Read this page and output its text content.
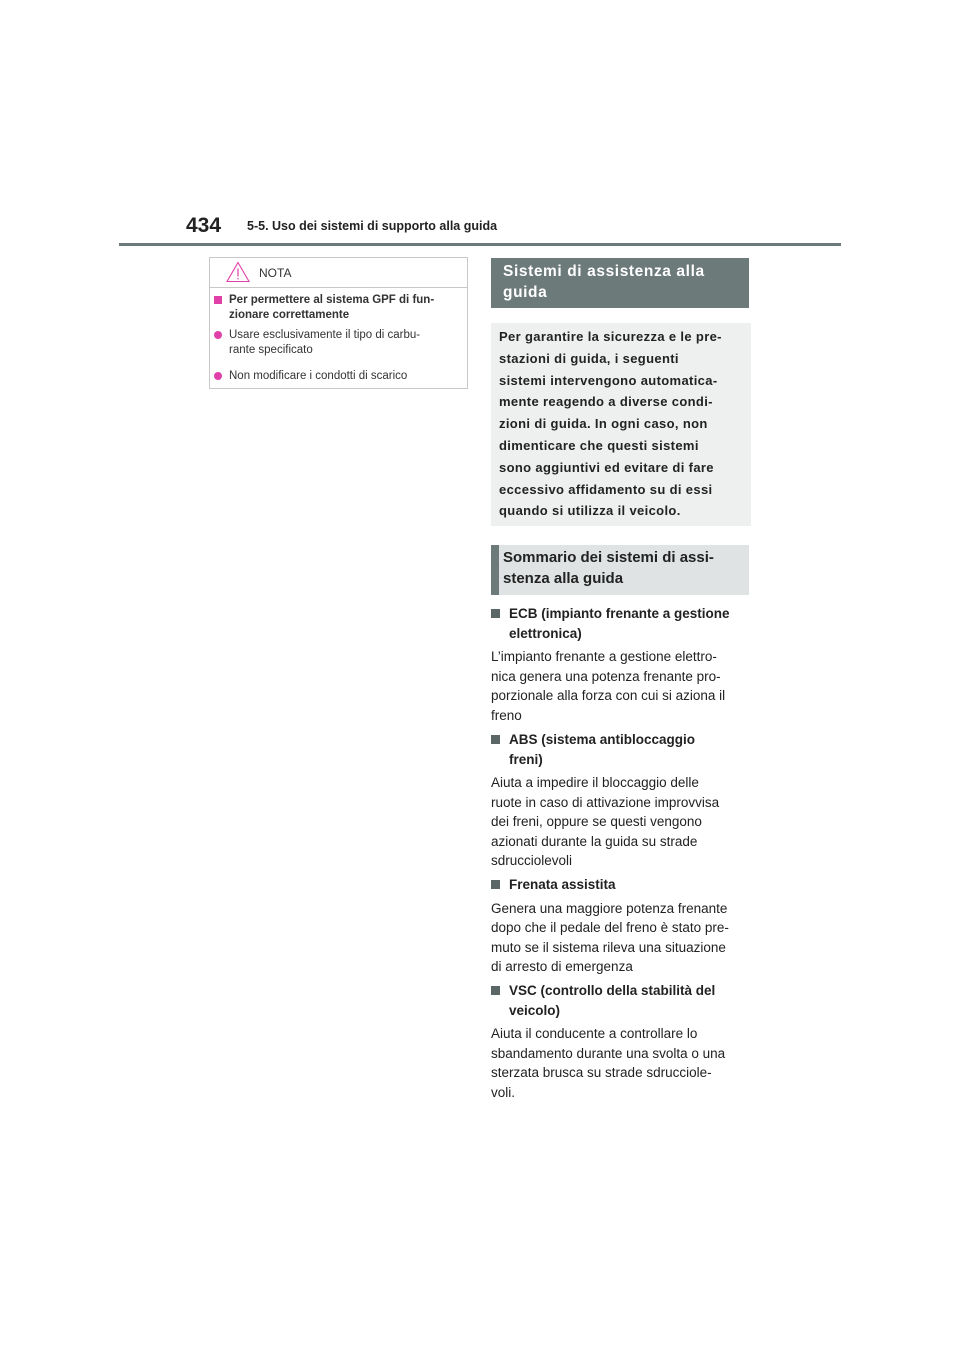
434 5-5. Uso dei sistemi di supporto alla guida
NOTA
Per permettere al sistema GPF di fun-
zionare correttamente
Usare esclusivamente il tipo di carbu-
rante specificato
Non modificare i condotti di scarico
Sistemi di assistenza alla
guida
Per garantire la sicurezza e le pre-
stazioni di guida, i seguenti
sistemi intervengono automatica-
mente reagendo a diverse condi-
zioni di guida. In ogni caso, non
dimenticare che questi sistemi
sono aggiuntivi ed evitare di fare
eccessivo affidamento su di essi
quando si utilizza il veicolo.
Sommario dei sistemi di assi-
stenza alla guida
ECB (impianto frenante a gestione
elettronica)
L’impianto frenante a gestione elettro-
nica genera una potenza frenante pro-
porzionale alla forza con cui si aziona il
freno
ABS (sistema antibloccaggio
freni)
Aiuta a impedire il bloccaggio delle
ruote in caso di attivazione improvvisa
dei freni, oppure se questi vengono
azionati durante la guida su strade
sdrucciolevoli
Frenata assistita
Genera una maggiore potenza frenante
dopo che il pedale del freno è stato pre-
muto se il sistema rileva una situazione
di arresto di emergenza
VSC (controllo della stabilità del
veicolo)
Aiuta il conducente a controllare lo
sbandamento durante una svolta o una
sterzata brusca su strade sdrucciole-
voli.
